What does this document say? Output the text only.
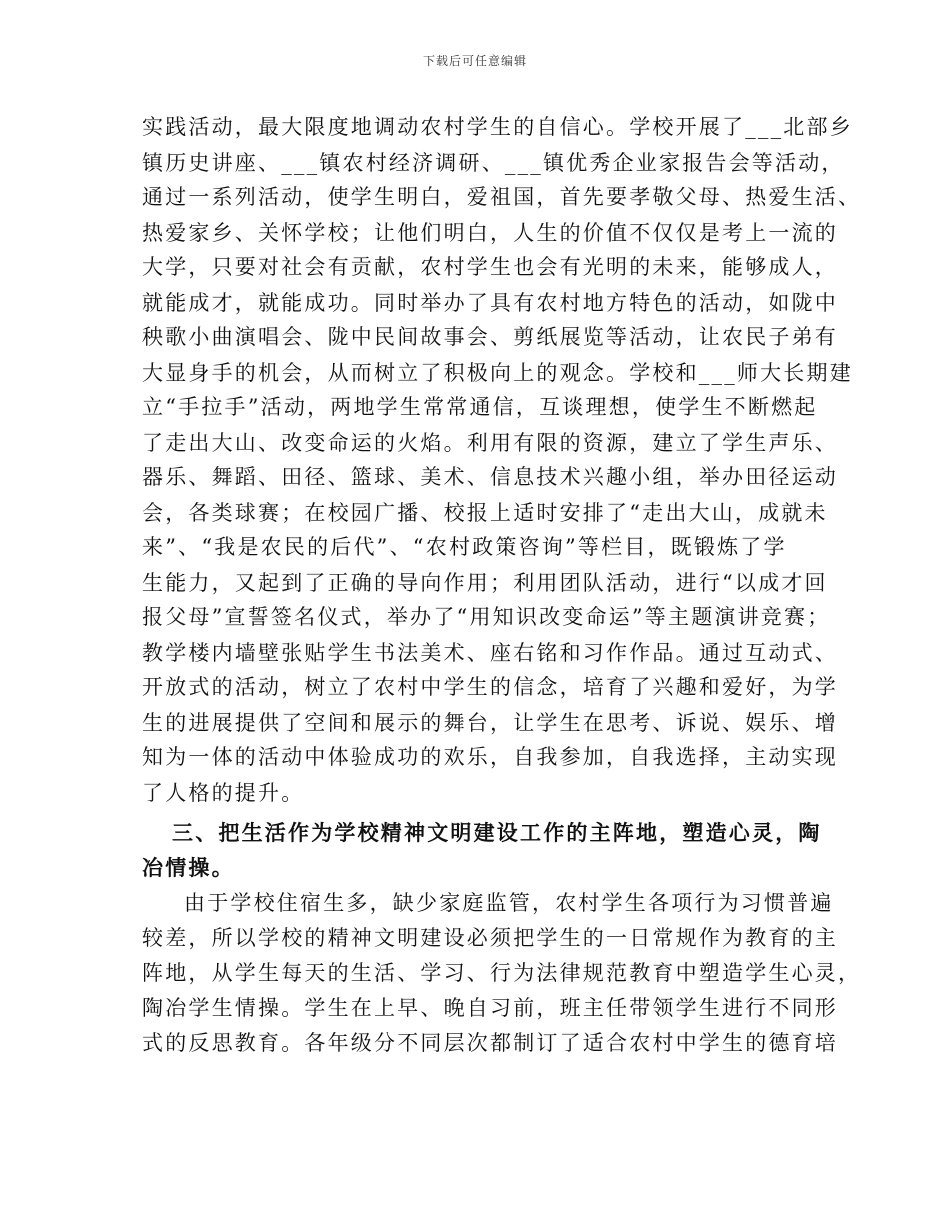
下载后可任意编辑
实践活动，最大限度地调动农村学生的自信心。学校开展了___北部乡
镇历史讲座、___镇农村经济调研、___镇优秀企业家报告会等活动，
通过一系列活动，使学生明白，爱祖国，首先要孝敬父母、热爱生活、
热爱家乡、关怀学校；让他们明白，人生的价值不仅仅是考上一流的
大学，只要对社会有贡献，农村学生也会有光明的未来，能够成人，
就能成才，就能成功。同时举办了具有农村地方特色的活动，如陇中
秧歌小曲演唱会、陇中民间故事会、剪纸展览等活动，让农民子弟有
大显身手的机会，从而树立了积极向上的观念。学校和___师大长期建
立“手拉手”活动，两地学生常常通信，互谈理想，使学生不断燃起
了走出大山、改变命运的火焰。利用有限的资源，建立了学生声乐、
器乐、舞蹈、田径、篮球、美术、信息技术兴趣小组，举办田径运动
会，各类球赛；在校园广播、校报上适时安排了“走出大山，成就未
来”、“我是农民的后代”、“农村政策咨询”等栏目，既锻炼了学
生能力，又起到了正确的导向作用；利用团队活动，进行“以成才回
报父母”宣誓签名仪式，举办了“用知识改变命运”等主题演讲竞赛；
教学楼内墙壁张贴学生书法美术、座右铭和习作作品。通过互动式、
开放式的活动，树立了农村中学生的信念，培育了兴趣和爱好，为学
生的进展提供了空间和展示的舞台，让学生在思考、诉说、娱乐、增
知为一体的活动中体验成功的欢乐，自我参加，自我选择，主动实现
了人格的提升。
三、把生活作为学校精神文明建设工作的主阵地，塑造心灵，陶
冶情操。
由于学校住宿生多，缺少家庭监管，农村学生各项行为习惯普遍
较差，所以学校的精神文明建设必须把学生的一日常规作为教育的主
阵地，从学生每天的生活、学习、行为法律规范教育中塑造学生心灵，
陶冶学生情操。学生在上早、晚自习前，班主任带领学生进行不同形
式的反思教育。各年级分不同层次都制订了适合农村中学生的德育培
